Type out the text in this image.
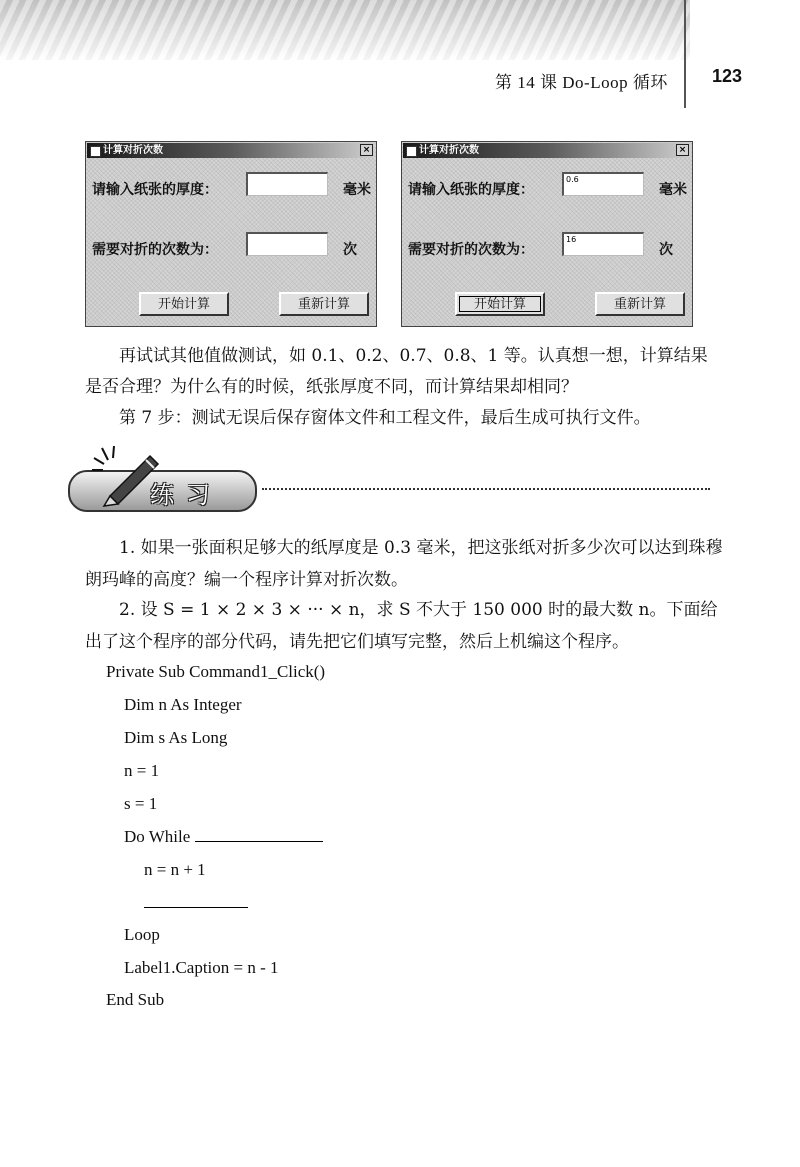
第 14 课 Do-Loop 循环 123
计算对折次数	×
请输入纸张的厚度：	毫米
需要对折的次数为：	次
开始计算	重新计算
计算对折次数	×
请输入纸张的厚度：
0.6
毫米
需要对折的次数为：
16
次
开始计算	重新计算
再试试其他值做测试，如 0.1、0.2、0.7、0.8、1 等。认真想一想，计算结果是否合理？为什么有的时候，纸张厚度不同，而计算结果却相同？
第 7 步：测试无误后保存窗体文件和工程文件，最后生成可执行文件。
练习
1. 如果一张面积足够大的纸厚度是 0.3 毫米，把这张纸对折多少次可以达到珠穆朗玛峰的高度？编一个程序计算对折次数。
2. 设 S = 1 × 2 × 3 × ··· × n，求 S 不大于 150 000 时的最大数 n。下面给出了这个程序的部分代码，请先把它们填写完整，然后上机编这个程序。
Private Sub Command1_Click()
Dim n As Integer
Dim s As Long
n = 1
s = 1
Do While
n = n + 1
Loop
Label1.Caption = n - 1
End Sub
